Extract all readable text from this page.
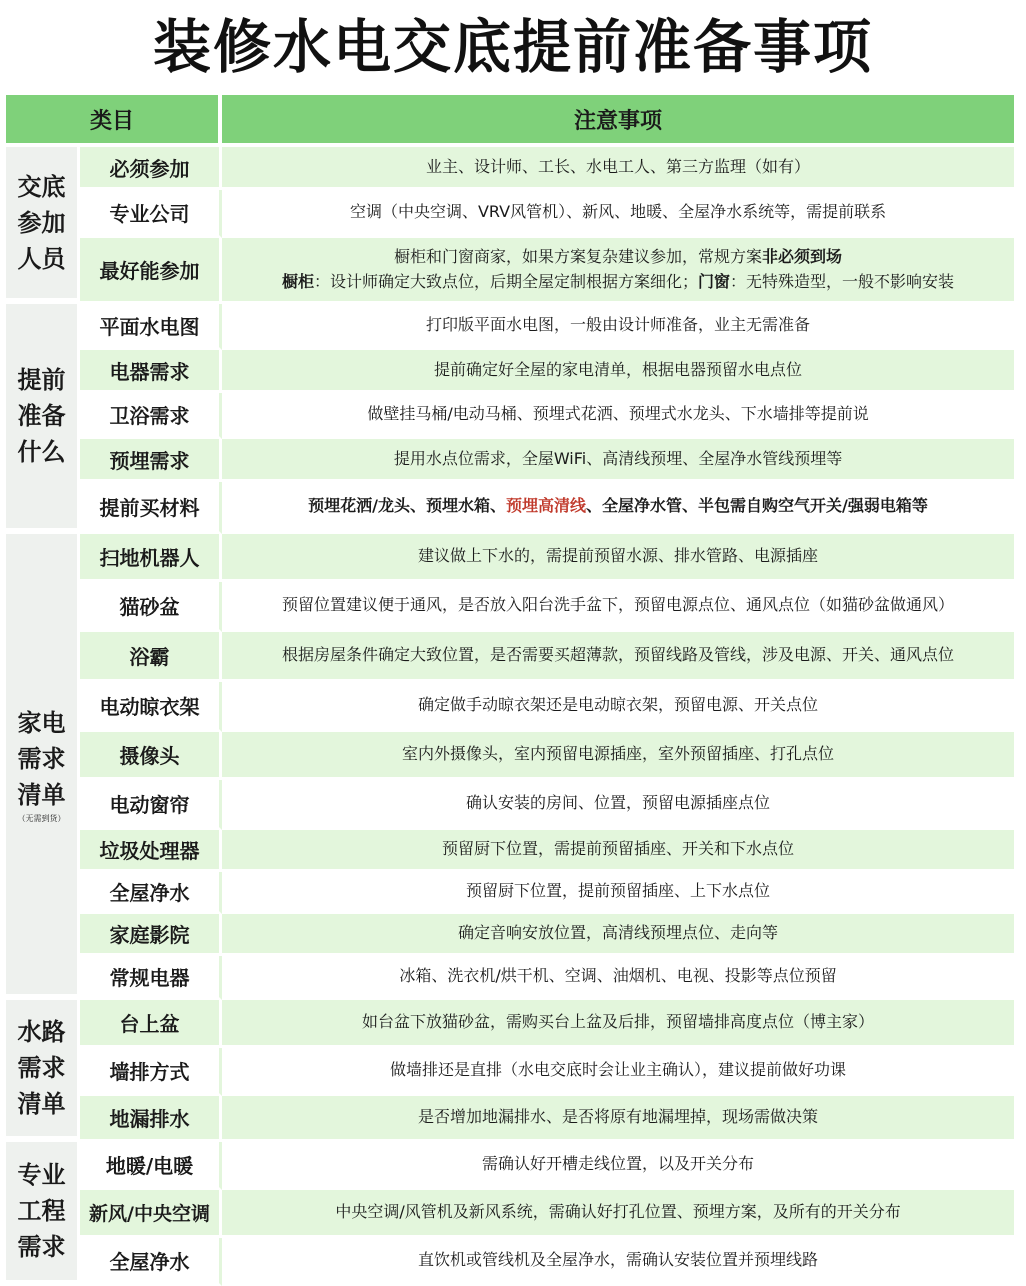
装修水电交底提前准备事项
类目		注意事项
交底
参加
人员	必须参加	业主、设计师、工长、水电工人、第三方监理（如有）
	专业公司	空调（中央空调、VRV风管机）、新风、地暖、全屋净水系统等，需提前联系
	最好能参加	橱柜和门窗商家，如果方案复杂建议参加，常规方案非必须到场
橱柜：设计师确定大致点位，后期全屋定制根据方案细化；门窗：无特殊造型，一般不影响安装

提前
准备
什么	平面水电图	打印版平面水电图，一般由设计师准备，业主无需准备
	电器需求	提前确定好全屋的家电清单，根据电器预留水电点位
	卫浴需求	做壁挂马桶/电动马桶、预埋式花洒、预埋式水龙头、下水墙排等提前说
	预埋需求	提用水点位需求，全屋WiFi、高清线预埋、全屋净水管线预埋等
	提前买材料	预埋花洒/龙头、预埋水箱、预埋高清线、全屋净水管、半包需自购空气开关/强弱电箱等
家电
需求
清单
（无需到货）	扫地机器人	建议做上下水的，需提前预留水源、排水管路、电源插座
	猫砂盆	预留位置建议便于通风，是否放入阳台洗手盆下，预留电源点位、通风点位（如猫砂盆做通风）
	浴霸	根据房屋条件确定大致位置，是否需要买超薄款，预留线路及管线，涉及电源、开关、通风点位
	电动晾衣架	确定做手动晾衣架还是电动晾衣架，预留电源、开关点位
	摄像头	室内外摄像头，室内预留电源插座，室外预留插座、打孔点位
	电动窗帘	确认安装的房间、位置，预留电源插座点位
	垃圾处理器	预留厨下位置，需提前预留插座、开关和下水点位
	全屋净水	预留厨下位置，提前预留插座、上下水点位
	家庭影院	确定音响安放位置，高清线预埋点位、走向等
	常规电器	冰箱、洗衣机/烘干机、空调、油烟机、电视、投影等点位预留
水路
需求
清单	台上盆	如台盆下放猫砂盆，需购买台上盆及后排，预留墙排高度点位（博主家）
	墙排方式	做墙排还是直排（水电交底时会让业主确认），建议提前做好功课
	地漏排水	是否增加地漏排水、是否将原有地漏埋掉，现场需做决策
专业
工程
需求	地暖/电暖	需确认好开槽走线位置，以及开关分布
	新风/中央空调	中央空调/风管机及新风系统，需确认好打孔位置、预埋方案，及所有的开关分布
	全屋净水	直饮机或管线机及全屋净水，需确认安装位置并预埋线路
